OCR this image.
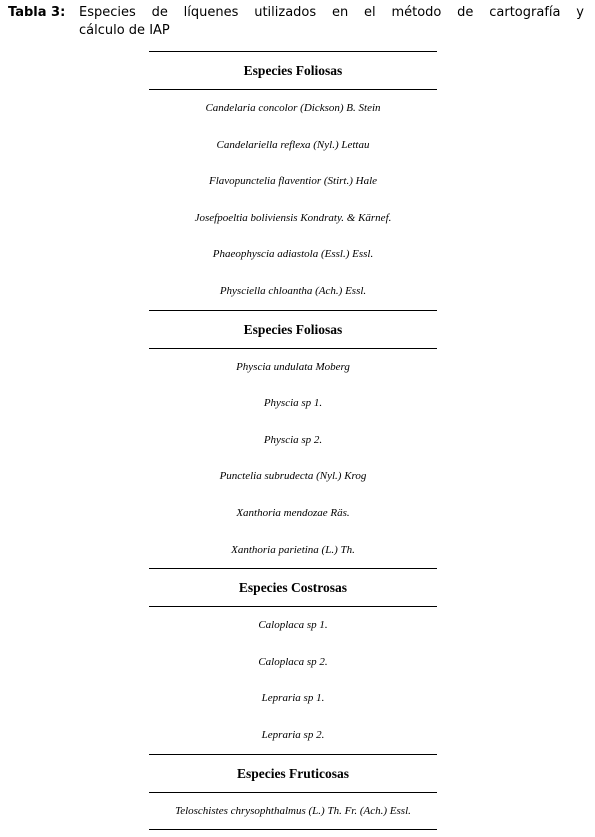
Tabla 3: Especies de líquenes utilizados en el método de cartografía y
cálculo de IAP
Especies Foliosas
Candelaria concolor (Dickson) B. Stein
Candelariella reflexa (Nyl.) Lettau
Flavopunctelia flaventior (Stirt.) Hale
Josefpoeltia boliviensis Kondraty. & Kärnef.
Phaeophyscia adiastola (Essl.) Essl.
Physciella chloantha (Ach.) Essl.
Especies Foliosas
Physcia undulata Moberg
Physcia sp 1.
Physcia sp 2.
Punctelia subrudecta (Nyl.) Krog
Xanthoria mendozae Räs.
Xanthoria parietina (L.) Th.
Especies Costrosas
Caloplaca sp 1.
Caloplaca sp 2.
Lepraria sp 1.
Lepraria sp 2.
Especies Fruticosas
Teloschistes chrysophthalmus (L.) Th. Fr. (Ach.) Essl.
